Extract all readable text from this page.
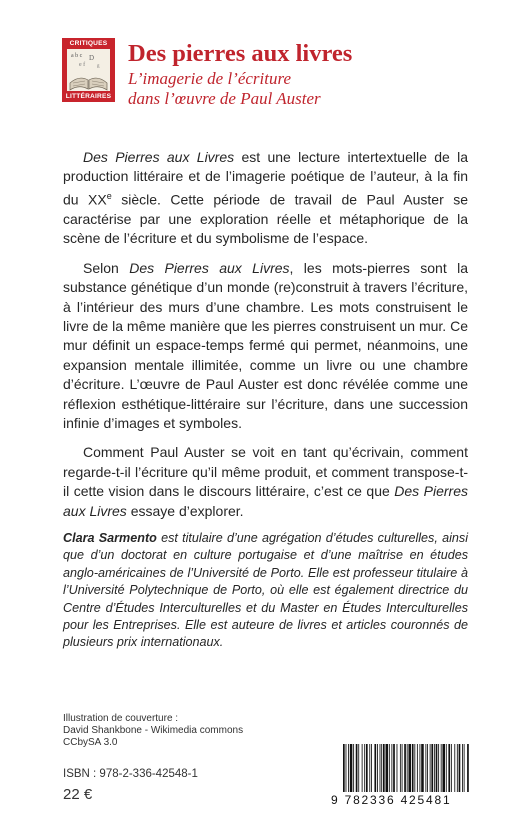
CRITIQUES
a b c D
e f g
LITTÉRAIRES
Des pierres aux livres
L’imagerie de l’écriture
dans l’œuvre de Paul Auster

Des Pierres aux Livres est une lecture intertextuelle de la production littéraire et de l’imagerie poétique de l’auteur, à la fin du XXe siècle. Cette période de travail de Paul Auster se caractérise par une exploration réelle et métaphorique de la scène de l’écriture et du symbolisme de l’espace.

Selon Des Pierres aux Livres, les mots-pierres sont la substance génétique d’un monde (re)construit à travers l’écriture, à l’intérieur des murs d’une chambre. Les mots construisent le livre de la même manière que les pierres construisent un mur. Ce mur définit un espace-temps fermé qui permet, néanmoins, une expansion mentale illimitée, comme un livre ou une chambre d’écriture. L’œuvre de Paul Auster est donc révélée comme une réflexion esthétique-littéraire sur l’écriture, dans une succession infinie d’images et symboles.

Comment Paul Auster se voit en tant qu’écrivain, comment regarde-t-il l’écriture qu’il même produit, et comment transpose-t-il cette vision dans le discours littéraire, c’est ce que Des Pierres aux Livres essaye d’explorer.

Clara Sarmento est titulaire d’une agrégation d’études culturelles, ainsi que d’un doctorat en culture portugaise et d’une maîtrise en études anglo-américaines de l’Université de Porto. Elle est professeur titulaire à l’Université Polytechnique de Porto, où elle est également directrice du Centre d’Études Interculturelles et du Master en Études Interculturelles pour les Entreprises. Elle est auteure de livres et articles couronnés de plusieurs prix internationaux.
Illustration de couverture :
David Shankbone - Wikimedia commons
CCbySA 3.0
ISBN : 978-2-336-42548-1
22 €	9 782336 425481
